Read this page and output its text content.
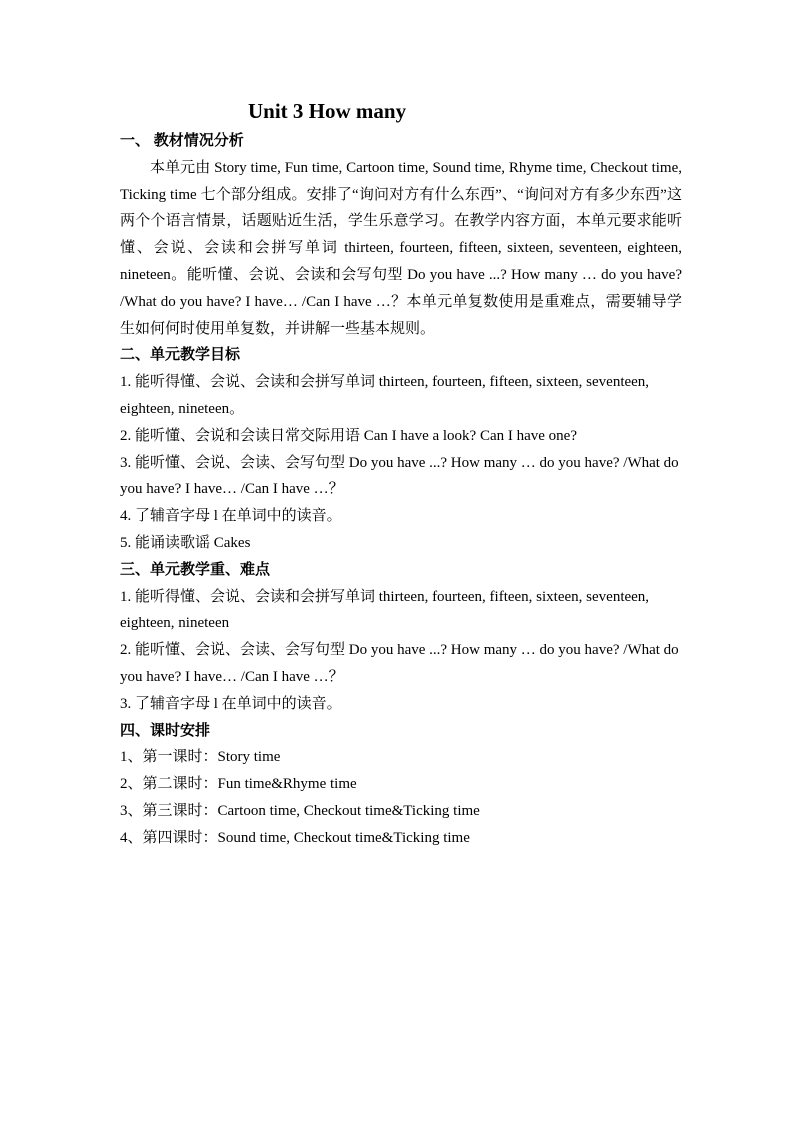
Unit 3 How many

一、 教材情况分析

本单元由 Story time, Fun time, Cartoon time, Sound time, Rhyme time, Checkout time, Ticking time 七个部分组成。安排了“询问对方有什么东西”、“询问对方有多少东西”这两个个语言情景，话题贴近生活，学生乐意学习。在教学内容方面，本单元要求能听懂、会说、会读和会拼写单词 thirteen, fourteen, fifteen, sixteen, seventeen, eighteen, nineteen。能听懂、会说、会读和会写句型 Do you have ...? How many … do you have? /What do you have? I have… /Can I have …？本单元单复数使用是重难点，需要辅导学生如何何时使用单复数，并讲解一些基本规则。

二、单元教学目标

1. 能听得懂、会说、会读和会拼写单词 thirteen, fourteen, fifteen, sixteen, seventeen, eighteen, nineteen。

2. 能听懂、会说和会读日常交际用语 Can I have a look? Can I have one?

3. 能听懂、会说、会读、会写句型 Do you have ...? How many … do you have? /What do you have? I have… /Can I have …？

4. 了辅音字母 l 在单词中的读音。

5. 能诵读歌谣 Cakes

三、单元教学重、难点

1. 能听得懂、会说、会读和会拼写单词 thirteen, fourteen, fifteen, sixteen, seventeen, eighteen, nineteen

2. 能听懂、会说、会读、会写句型 Do you have ...? How many … do you have? /What do you have? I have… /Can I have …？

3. 了辅音字母 l 在单词中的读音。

四、课时安排

1、第一课时：Story time

2、第二课时：Fun time&Rhyme time

3、第三课时：Cartoon time, Checkout time&Ticking time

4、第四课时：Sound time, Checkout time&Ticking time
